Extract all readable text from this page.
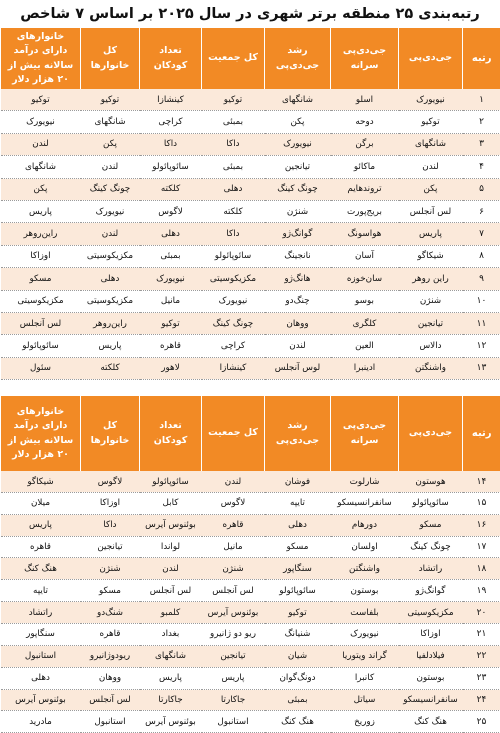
رتبه‌بندی ۲۵ منطقه برتر شهری در سال ۲۰۲۵ بر اساس ۷ شاخص
رتبه	جی‌دی‌پی	جی‌دی‌پی سرانه	رشد جی‌دی‌پی	کل جمعیت	تعداد کودکان	کل خانوارها	خانوارهای دارای درآمد سالانه بیش از ۲۰ هزار دلار
۱	نیویورک	اسلو	شانگهای	توکیو	کینشازا	توکیو	توکیو
۲	توکیو	دوحه	پکن	بمبئی	کراچی	شانگهای	نیویورک
۳	شانگهای	برگن	نیویورک	داکا	داکا	پکن	لندن
۴	لندن	ماکائو	تیانجین	بمبئی	سائوپائولو	لندن	شانگهای
۵	پکن	تروندهایم	چونگ کینگ	دهلی	کلکته	چونگ کینگ	پکن
۶	لس آنجلس	بریج‌پورت	شنژن	کلکته	لاگوس	نیویورک	پاریس
۷	پاریس	هواسونگ	گوانگ‌ژو	داکا	دهلی	لندن	راین‌روهر
۸	شیکاگو	آسان	نانجینگ	سائوپائولو	بمبئی	مکزیکوسیتی	اوزاکا
۹	راین روهر	سان‌خوزه	هانگ‌ژو	مکزیکوسیتی	نیویورک	دهلی	مسکو
۱۰	شنژن	بوسو	چنگ‌دو	نیویورک	مانیل	مکزیکوسیتی	مکزیکوسیتی
۱۱	تیانجین	کلگری	ووهان	چونگ کینگ	توکیو	راین‌روهر	لس آنجلس
۱۲	دالاس	العین	لندن	کراچی	قاهره	پاریس	سائوپائولو
۱۳	واشنگتن	ادینبرا	لوس آنجلس	کینشازا	لاهور	کلکته	سئول
رتبه	جی‌دی‌پی	جی‌دی‌پی سرانه	رشد جی‌دی‌پی	کل جمعیت	تعداد کودکان	کل خانوارها	خانوارهای دارای درآمد سالانه بیش از ۲۰ هزار دلار
۱۴	هوستون	شارلوت	فوشان	لندن	سائوپائولو	لاگوس	شیکاگو
۱۵	سائوپائولو	سانفرانسیسکو	تایپه	لاگوس	کابل	اوزاکا	میلان
۱۶	مسکو	دورهام	دهلی	قاهره	بوئنوس آیرس	داکا	پاریس
۱۷	چونگ کینگ	اولسان	مسکو	مانیل	لواندا	تیانجین	قاهره
۱۸	راتشاد	واشنگتن	سنگاپور	شنژن	لندن	شنژن	هنگ کنگ
۱۹	گوانگ‌ژو	بوستون	سائوپائولو	لس آنجلس	لس آنجلس	مسکو	تایپه
۲۰	مکزیکوسیتی	بلفاست	توکیو	بوئنوس آیرس	کلمبو	شنگ‌دو	راتشاد
۲۱	اوزاکا	نیویورک	شنیانگ	ریو دو ژانیرو	بغداد	قاهره	سنگاپور
۲۲	فیلادلفیا	گراند ویتوریا	شیان	تیانجین	شانگهای	ریودوژانیرو	استانبول
۲۳	بوستون	کانبرا	دونگ‌گوان	پاریس	پاریس	ووهان	دهلی
۲۴	سانفرانسیسکو	سیاتل	بمبئی	جاکارتا	جاکارتا	لس آنجلس	بوئنوس آیرس
۲۵	هنگ کنگ	زوریخ	هنگ کنگ	استانبول	بوئنوس آیرس	استانبول	مادرید
